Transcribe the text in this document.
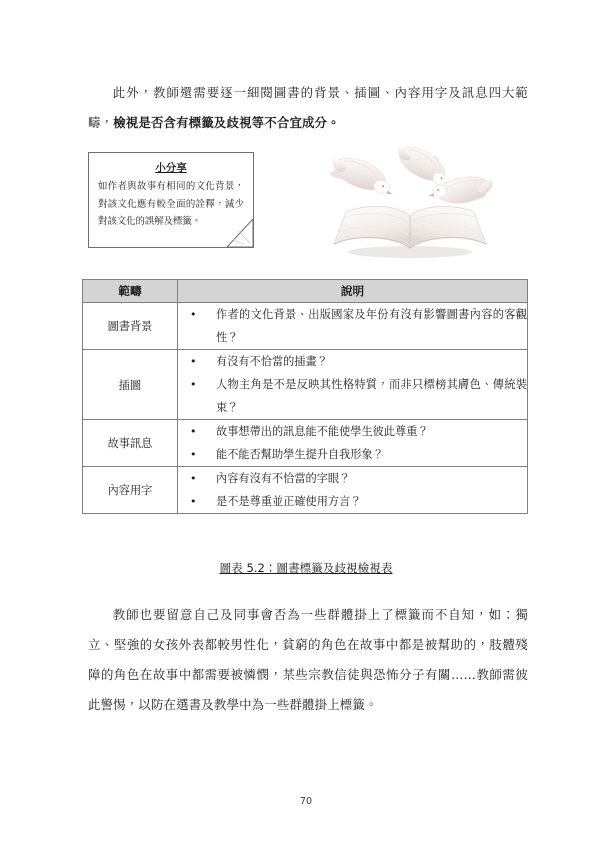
此外，教師還需要逐一細閱圖書的背景、插圖、內容用字及訊息四大範疇，檢視是否含有標籤及歧視等不合宜成分。
小分享
如作者與故事有相同的文化背景，對該文化應有較全面的詮釋，減少對該文化的誤解及標籤。
範疇	說明
圖書背景	
• 作者的文化背景、出版國家及年份有沒有影響圖書內容的客觀性？

插圖	
• 有沒有不恰當的插畫？
• 人物主角是不是反映其性格特質，而非只標榜其膚色、傳統裝束？

故事訊息	
• 故事想帶出的訊息能不能使學生彼此尊重？
• 能不能否幫助學生提升自我形象？

內容用字	
• 內容有沒有不恰當的字眼？
• 是不是尊重並正確使用方言？
圖表 5.2：圖書標籤及歧視檢視表
教師也要留意自己及同事會否為一些群體掛上了標籤而不自知，如：獨立、堅強的女孩外表都較男性化，貧窮的角色在故事中都是被幫助的，肢體殘障的角色在故事中都需要被憐憫，某些宗教信徒與恐怖分子有關……教師需彼此警惕，以防在選書及教學中為一些群體掛上標籤。
70
